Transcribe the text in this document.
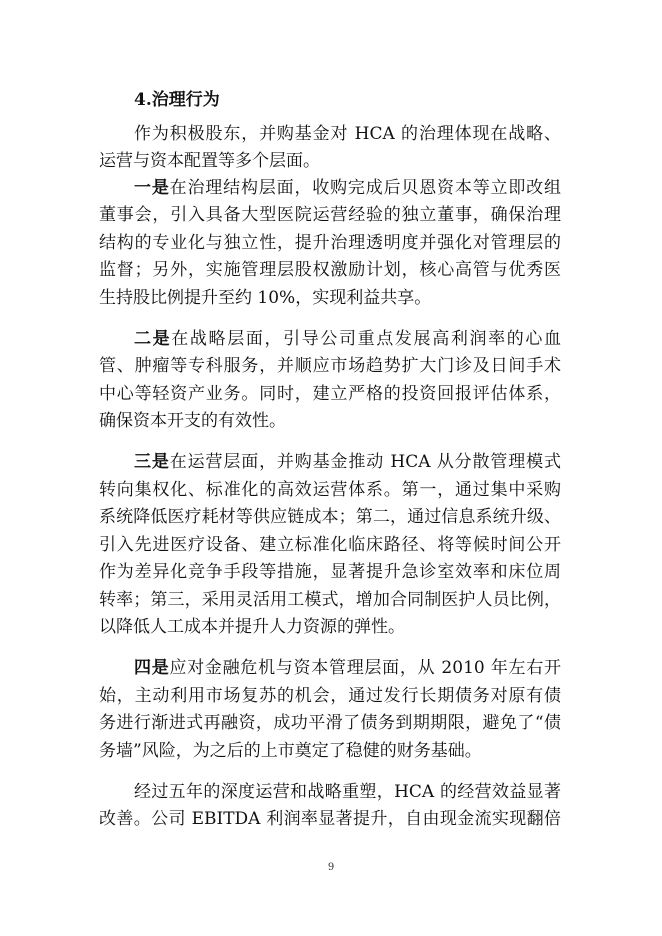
4.治理行为
作为积极股东，并购基金对 HCA 的治理体现在战略、
运营与资本配置等多个层面。
一是在治理结构层面，收购完成后贝恩资本等立即改组
董事会，引入具备大型医院运营经验的独立董事，确保治理
结构的专业化与独立性，提升治理透明度并强化对管理层的
监督；另外，实施管理层股权激励计划，核心高管与优秀医
生持股比例提升至约 10%，实现利益共享。
二是在战略层面，引导公司重点发展高利润率的心血
管、肿瘤等专科服务，并顺应市场趋势扩大门诊及日间手术
中心等轻资产业务。同时，建立严格的投资回报评估体系，
确保资本开支的有效性。
三是在运营层面，并购基金推动 HCA 从分散管理模式
转向集权化、标准化的高效运营体系。第一，通过集中采购
系统降低医疗耗材等供应链成本；第二，通过信息系统升级、
引入先进医疗设备、建立标准化临床路径、将等候时间公开
作为差异化竞争手段等措施，显著提升急诊室效率和床位周
转率；第三，采用灵活用工模式，增加合同制医护人员比例，
以降低人工成本并提升人力资源的弹性。
四是应对金融危机与资本管理层面，从 2010 年左右开
始，主动利用市场复苏的机会，通过发行长期债务对原有债
务进行渐进式再融资，成功平滑了债务到期期限，避免了“债
务墙”风险，为之后的上市奠定了稳健的财务基础。
经过五年的深度运营和战略重塑，HCA 的经营效益显著
改善。公司 EBITDA 利润率显著提升，自由现金流实现翻倍
9
